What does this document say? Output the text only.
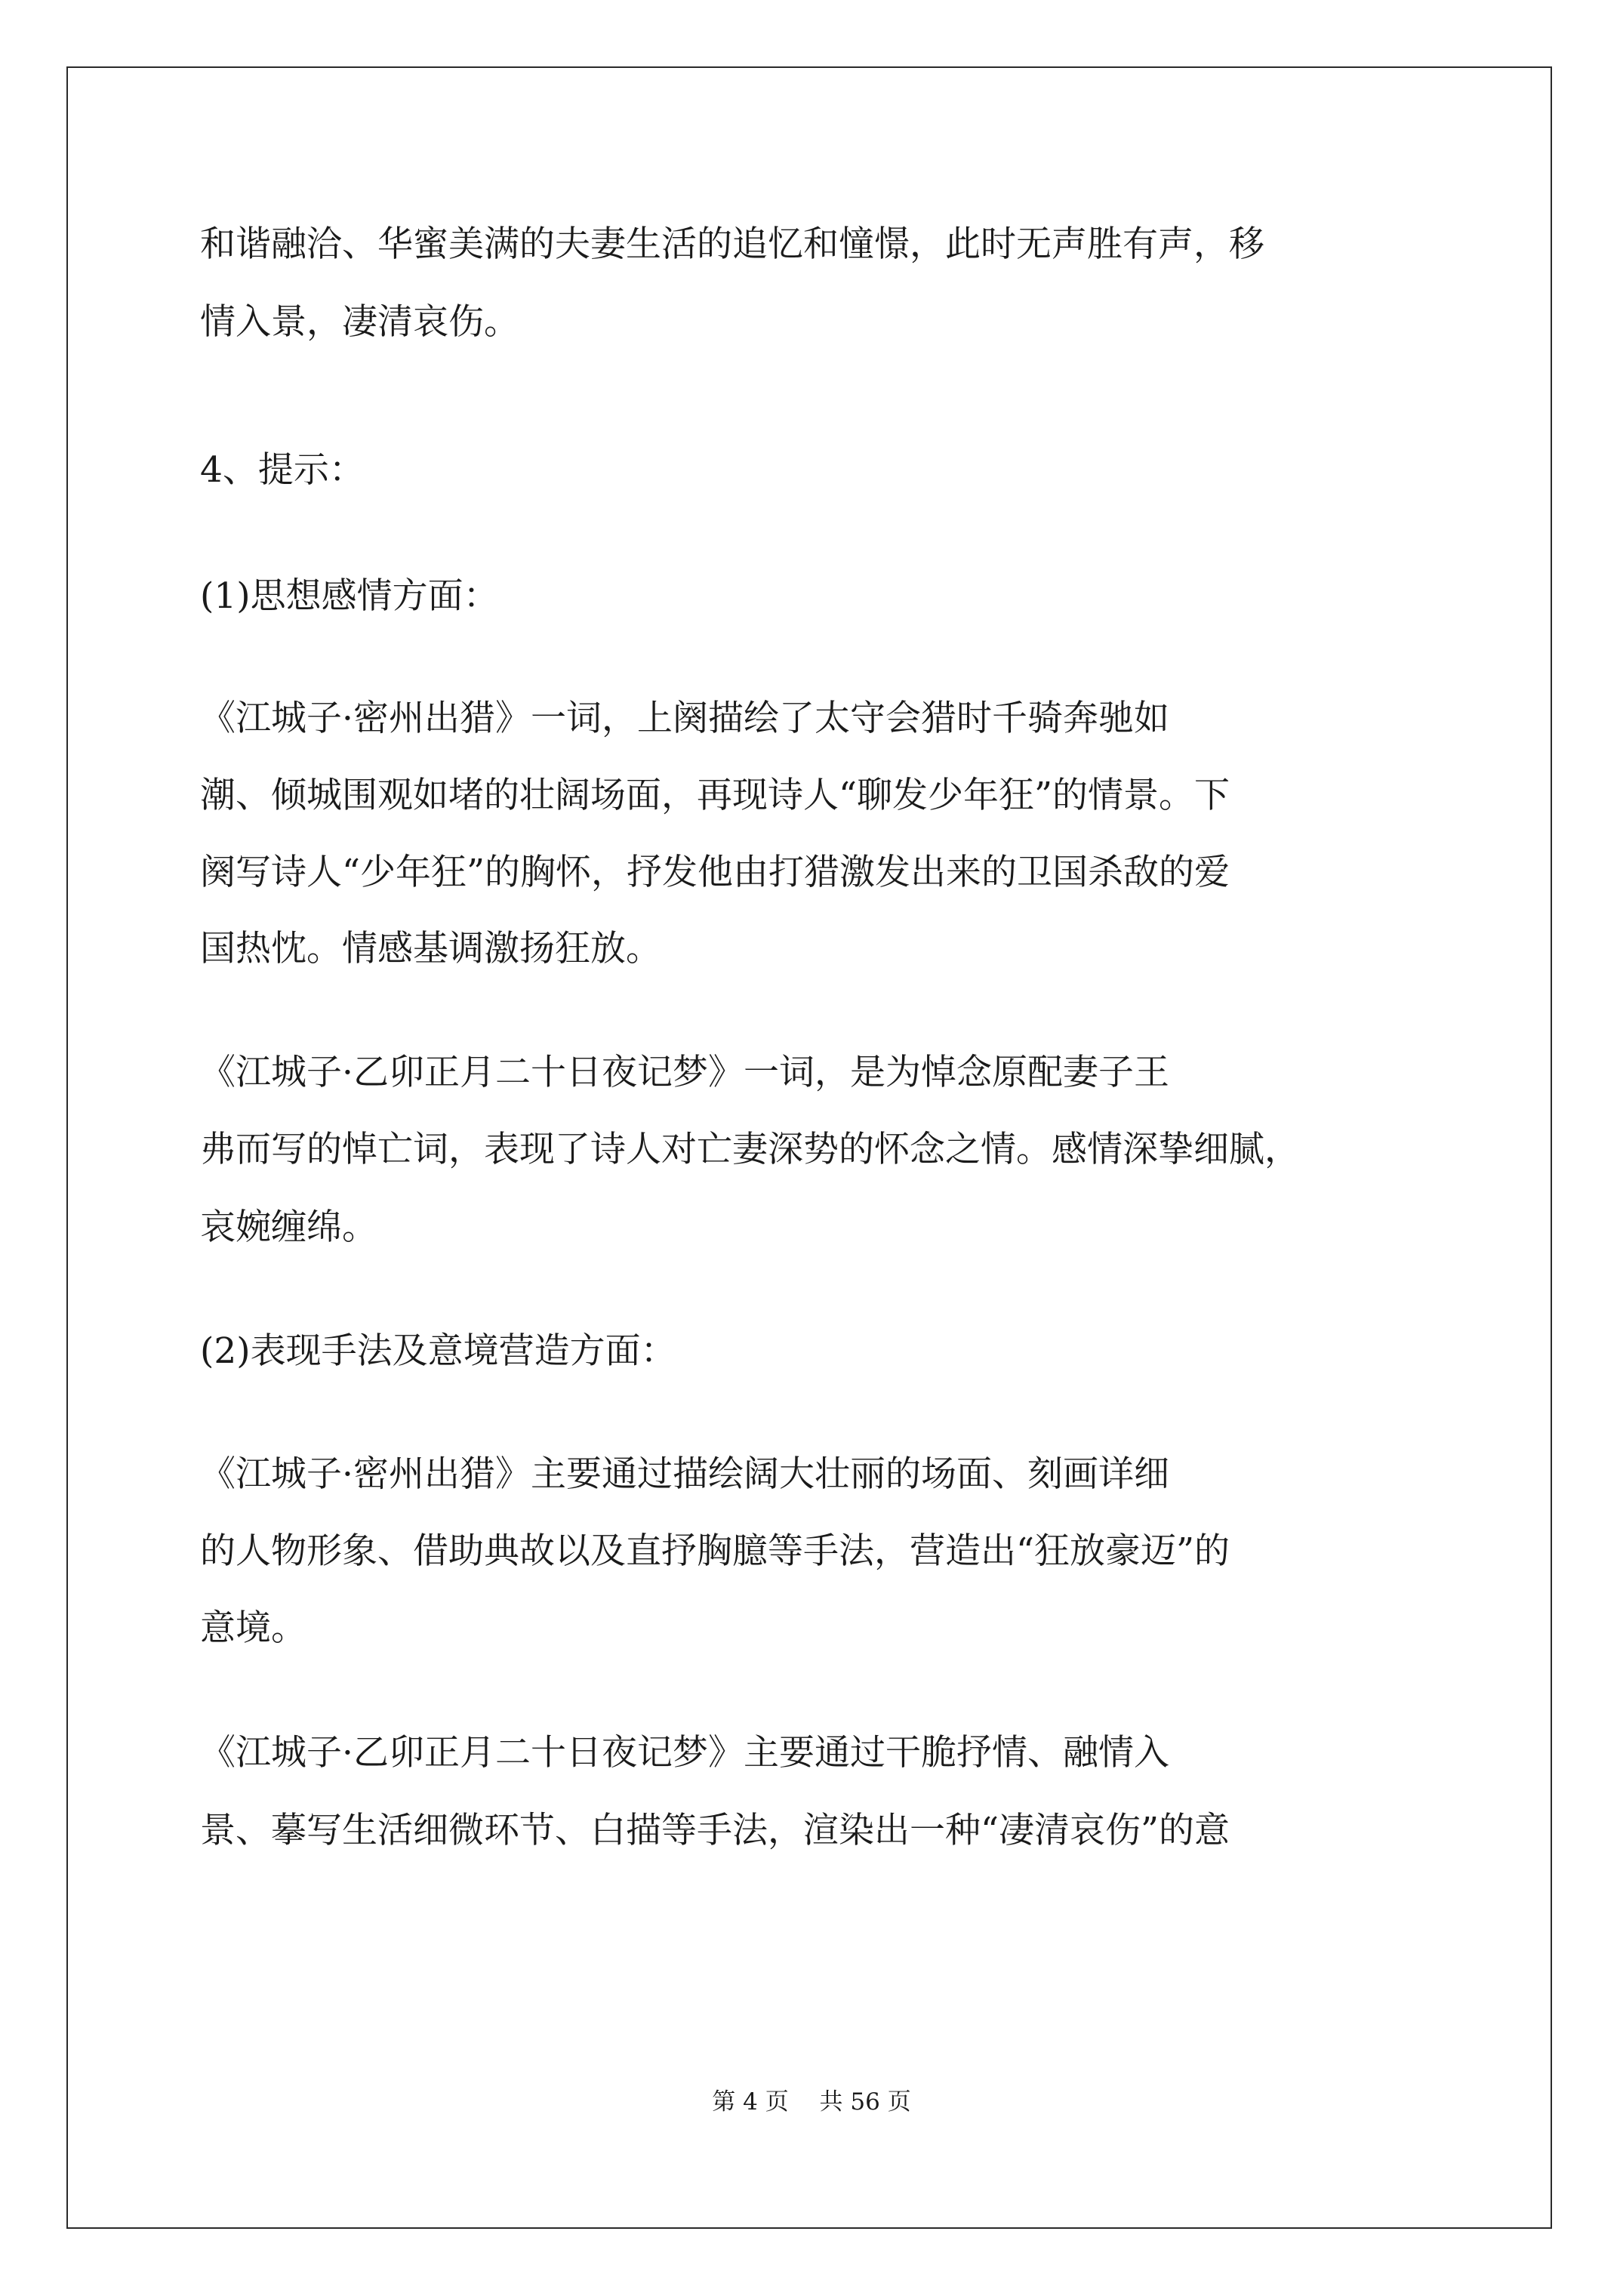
和谐融洽、华蜜美满的夫妻生活的追忆和憧憬，此时无声胜有声，移
情入景，凄清哀伤。
4、提示：
(1)思想感情方面：
《江城子·密州出猎》一词，上阕描绘了太守会猎时千骑奔驰如
潮、倾城围观如堵的壮阔场面，再现诗人“聊发少年狂”的情景。下
阕写诗人“少年狂”的胸怀，抒发他由打猎激发出来的卫国杀敌的爱
国热忱。情感基调激扬狂放。
《江城子·乙卯正月二十日夜记梦》一词，是为悼念原配妻子王
弗而写的悼亡词，表现了诗人对亡妻深势的怀念之情。感情深挚细腻，
哀婉缠绵。
(2)表现手法及意境营造方面：
《江城子·密州出猎》主要通过描绘阔大壮丽的场面、刻画详细
的人物形象、借助典故以及直抒胸臆等手法，营造出“狂放豪迈”的
意境。
《江城子·乙卯正月二十日夜记梦》主要通过干脆抒情、融情入
景、摹写生活细微环节、白描等手法，渲染出一种“凄清哀伤”的意
第 4 页　 共 56 页
